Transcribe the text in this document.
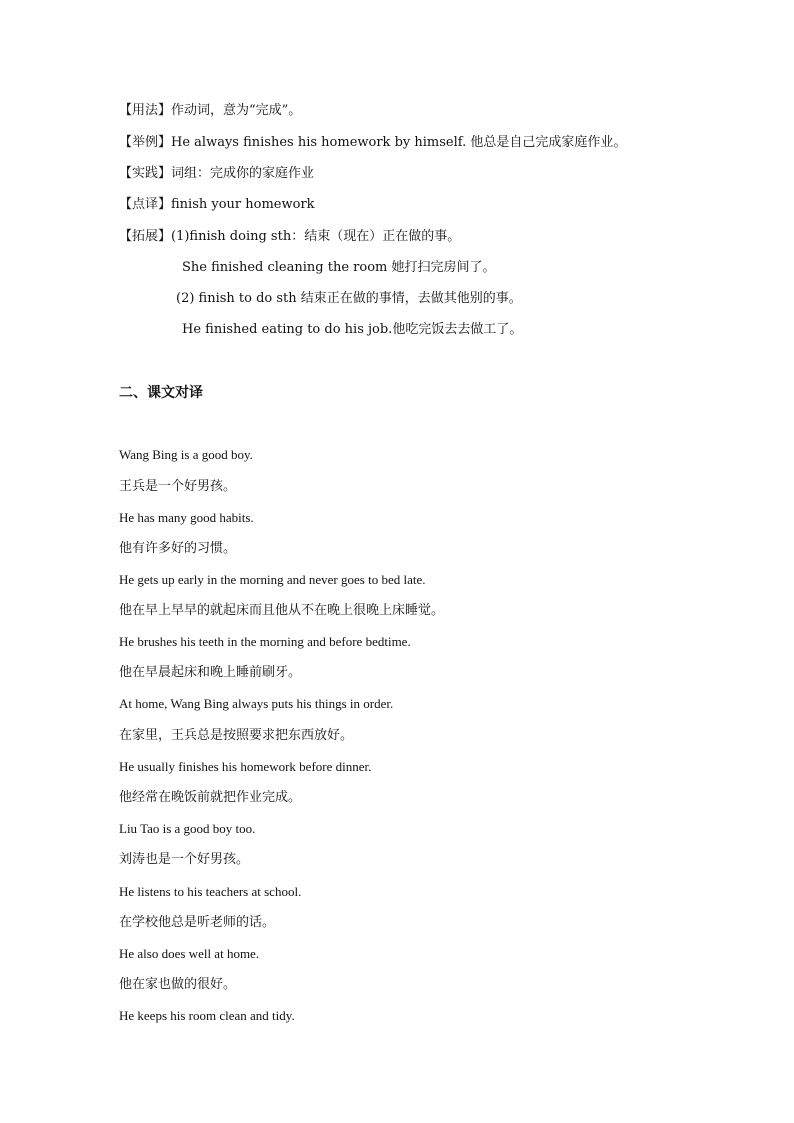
【用法】作动词，意为“完成”。
【举例】He always finishes his homework by himself. 他总是自己完成家庭作业。
【实践】词组：完成你的家庭作业
【点译】finish your homework
【拓展】(1)finish doing sth：结束（现在）正在做的事。
She finished cleaning the room 她打扫完房间了。
(2) finish to do sth 结束正在做的事情，去做其他别的事。
He finished eating to do his job.他吃完饭去去做工了。
二、课文对译
Wang Bing is a good boy.
王兵是一个好男孩。
He has many good habits.
他有许多好的习惯。
He gets up early in the morning and never goes to bed late.
他在早上早早的就起床而且他从不在晚上很晚上床睡觉。
He brushes his teeth in the morning and before bedtime.
他在早晨起床和晚上睡前刷牙。
At home, Wang Bing always puts his things in order.
在家里，王兵总是按照要求把东西放好。
He usually finishes his homework before dinner.
他经常在晚饭前就把作业完成。
Liu Tao is a good boy too.
刘涛也是一个好男孩。
He listens to his teachers at school.
在学校他总是听老师的话。
He also does well at home.
他在家也做的很好。
He keeps his room clean and tidy.
